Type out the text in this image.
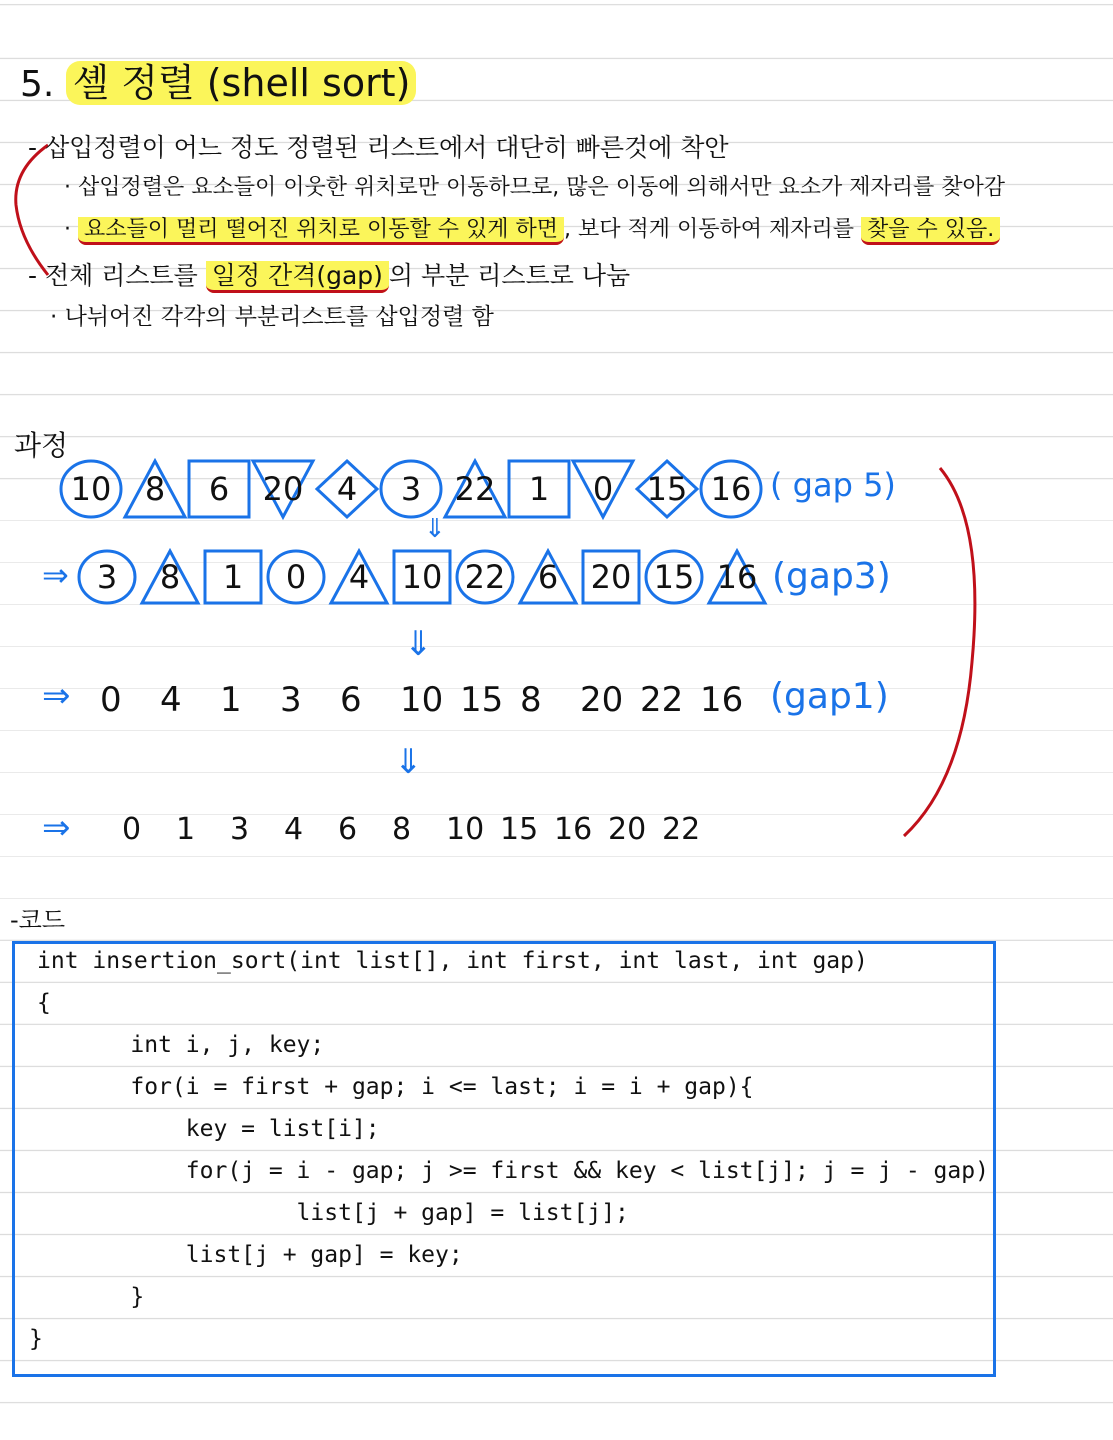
5. 셸 정렬 (shell sort)
- 삽입정렬이 어느 정도 정렬된 리스트에서 대단히 빠른것에 착안
· 삽입정렬은 요소들이 이웃한 위치로만 이동하므로, 많은 이동에 의해서만 요소가 제자리를 찾아감
· 요소들이 멀리 떨어진 위치로 이동할 수 있게 하면 , 보다 적게 이동하여 제자리를 찾을 수 있음.
- 전체 리스트를 일정 간격(gap) 의 부분 리스트로 나눔
· 나뉘어진 각각의 부분리스트를 삽입정렬 함
과정
10 8 6 20 4 3 22 1 0 15 16 ( gap 5)
⇓
⇒ 3 8 1 0 4 10 22 6 20 15 16 (gap3)
⇓
⇒ 0 4 1 3 6 10 15 8 20 22 16 (gap1)
⇓
⇒ 0 1 3 4 6 8 10 15 16 20 22
-코드
int insertion_sort(int list[], int first, int last, int gap)
{
int i, j, key;
for(i = first + gap; i <= last; i = i + gap){
key = list[i];
for(j = i - gap; j >= first && key < list[j]; j = j - gap)
list[j + gap] = list[j];
list[j + gap] = key;
}
}
